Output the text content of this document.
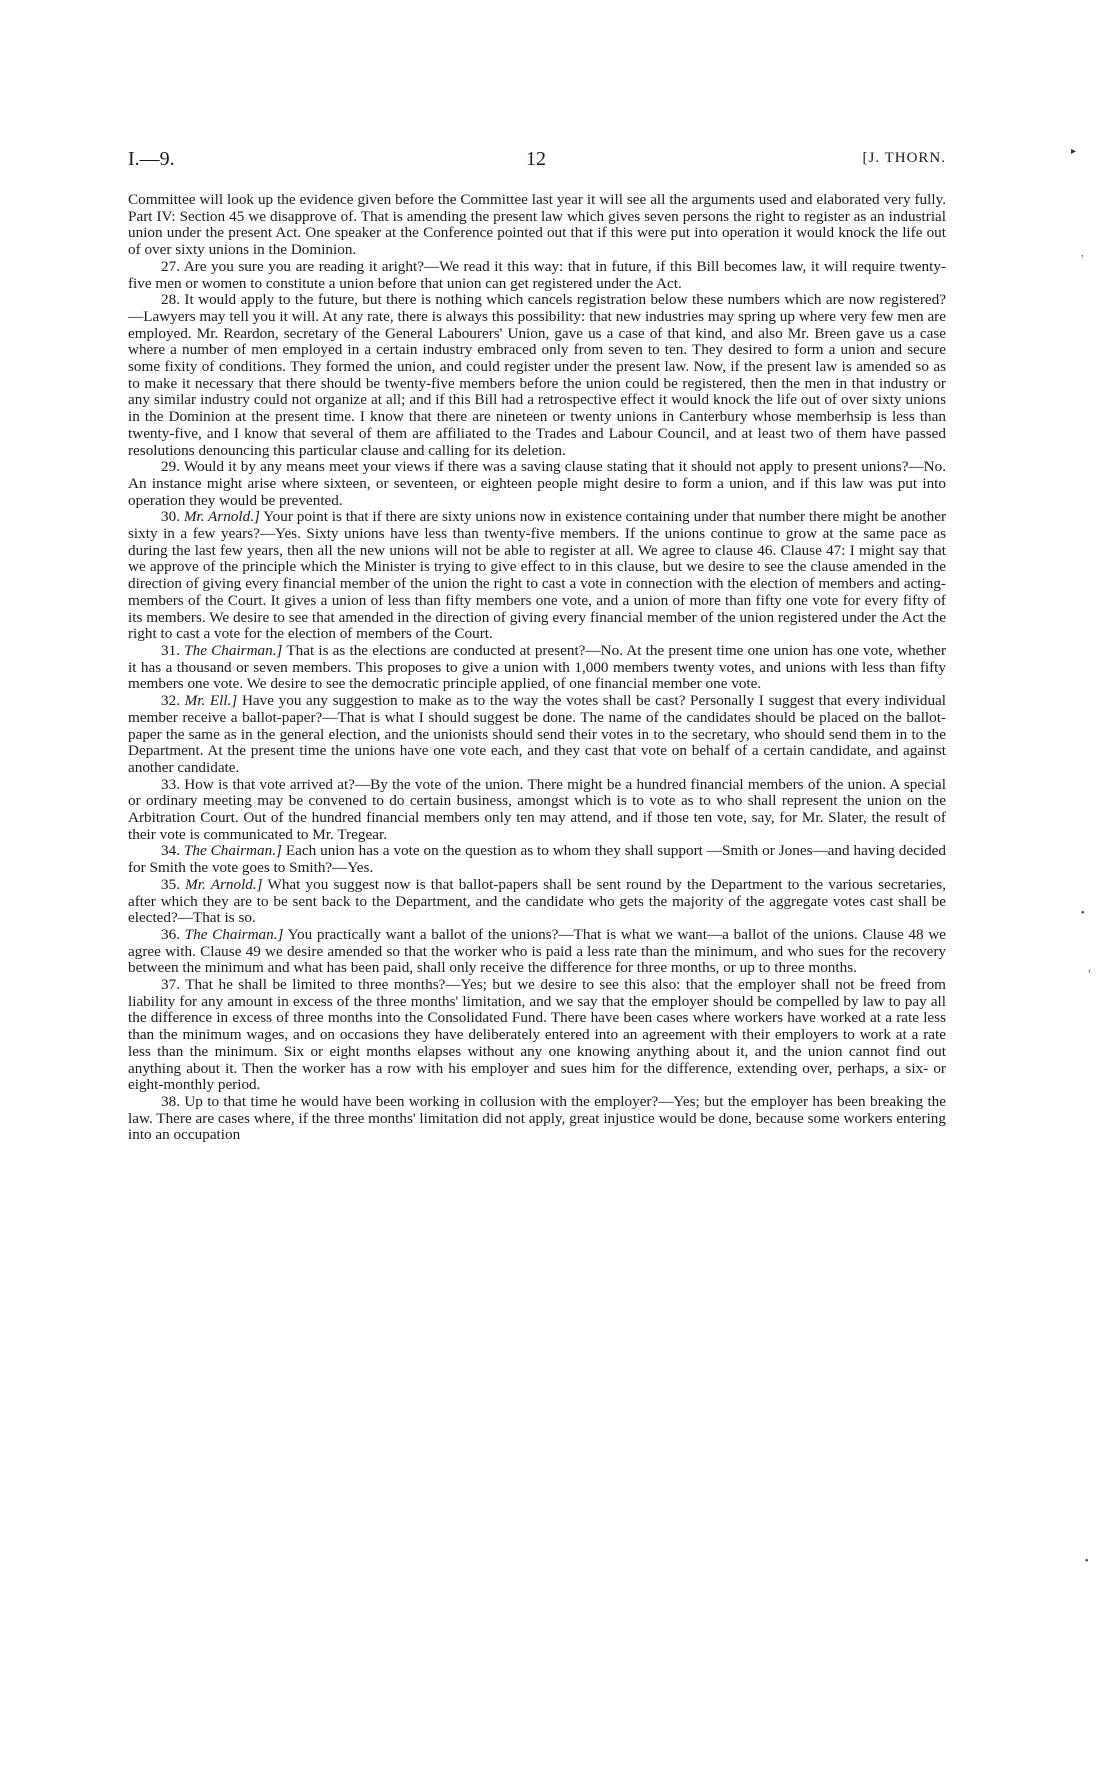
I.—9.	12	[J. THORN.

Committee will look up the evidence given before the Committee last year it will see all the arguments used and elaborated very fully. Part IV: Section 45 we disapprove of. That is amending the present law which gives seven persons the right to register as an industrial union under the present Act. One speaker at the Conference pointed out that if this were put into operation it would knock the life out of over sixty unions in the Dominion.

27. Are you sure you are reading it aright?—We read it this way: that in future, if this Bill becomes law, it will require twenty-five men or women to constitute a union before that union can get registered under the Act.

28. It would apply to the future, but there is nothing which cancels registration below these numbers which are now registered?—Lawyers may tell you it will. At any rate, there is always this possibility: that new industries may spring up where very few men are employed. Mr. Reardon, secretary of the General Labourers' Union, gave us a case of that kind, and also Mr. Breen gave us a case where a number of men employed in a certain industry embraced only from seven to ten. They desired to form a union and secure some fixity of conditions. They formed the union, and could register under the present law. Now, if the present law is amended so as to make it necessary that there should be twenty-five members before the union could be registered, then the men in that industry or any similar industry could not organize at all; and if this Bill had a retrospective effect it would knock the life out of over sixty unions in the Dominion at the present time. I know that there are nineteen or twenty unions in Canterbury whose memberhsip is less than twenty-five, and I know that several of them are affiliated to the Trades and Labour Council, and at least two of them have passed resolutions denouncing this particular clause and calling for its deletion.

29. Would it by any means meet your views if there was a saving clause stating that it should not apply to present unions?—No. An instance might arise where sixteen, or seventeen, or eighteen people might desire to form a union, and if this law was put into operation they would be prevented.

30. Mr. Arnold.] Your point is that if there are sixty unions now in existence containing under that number there might be another sixty in a few years?—Yes. Sixty unions have less than twenty-five members. If the unions continue to grow at the same pace as during the last few years, then all the new unions will not be able to register at all. We agree to clause 46. Clause 47: I might say that we approve of the principle which the Minister is trying to give effect to in this clause, but we desire to see the clause amended in the direction of giving every financial member of the union the right to cast a vote in connection with the election of members and acting-members of the Court. It gives a union of less than fifty members one vote, and a union of more than fifty one vote for every fifty of its members. We desire to see that amended in the direction of giving every financial member of the union registered under the Act the right to cast a vote for the election of members of the Court.

31. The Chairman.] That is as the elections are conducted at present?—No. At the present time one union has one vote, whether it has a thousand or seven members. This proposes to give a union with 1,000 members twenty votes, and unions with less than fifty members one vote. We desire to see the democratic principle applied, of one financial member one vote.

32. Mr. Ell.] Have you any suggestion to make as to the way the votes shall be cast? Personally I suggest that every individual member receive a ballot-paper?—That is what I should suggest be done. The name of the candidates should be placed on the ballot-paper the same as in the general election, and the unionists should send their votes in to the secretary, who should send them in to the Department. At the present time the unions have one vote each, and they cast that vote on behalf of a certain candidate, and against another candidate.

33. How is that vote arrived at?—By the vote of the union. There might be a hundred financial members of the union. A special or ordinary meeting may be convened to do certain business, amongst which is to vote as to who shall represent the union on the Arbitration Court. Out of the hundred financial members only ten may attend, and if those ten vote, say, for Mr. Slater, the result of their vote is communicated to Mr. Tregear.

34. The Chairman.] Each union has a vote on the question as to whom they shall support —Smith or Jones—and having decided for Smith the vote goes to Smith?—Yes.

35. Mr. Arnold.] What you suggest now is that ballot-papers shall be sent round by the Department to the various secretaries, after which they are to be sent back to the Department, and the candidate who gets the majority of the aggregate votes cast shall be elected?—That is so.

36. The Chairman.] You practically want a ballot of the unions?—That is what we want—a ballot of the unions. Clause 48 we agree with. Clause 49 we desire amended so that the worker who is paid a less rate than the minimum, and who sues for the recovery between the minimum and what has been paid, shall only receive the difference for three months, or up to three months.

37. That he shall be limited to three months?—Yes; but we desire to see this also: that the employer shall not be freed from liability for any amount in excess of the three months' limitation, and we say that the employer should be compelled by law to pay all the difference in excess of three months into the Consolidated Fund. There have been cases where workers have worked at a rate less than the minimum wages, and on occasions they have deliberately entered into an agreement with their employers to work at a rate less than the minimum. Six or eight months elapses without any one knowing anything about it, and the union cannot find out anything about it. Then the worker has a row with his employer and sues him for the difference, extending over, perhaps, a six- or eight-monthly period.

38. Up to that time he would have been working in collusion with the employer?—Yes; but the employer has been breaking the law. There are cases where, if the three months' limitation did not apply, great injustice would be done, because some workers entering into an occupation

▸
,
•
,
•
